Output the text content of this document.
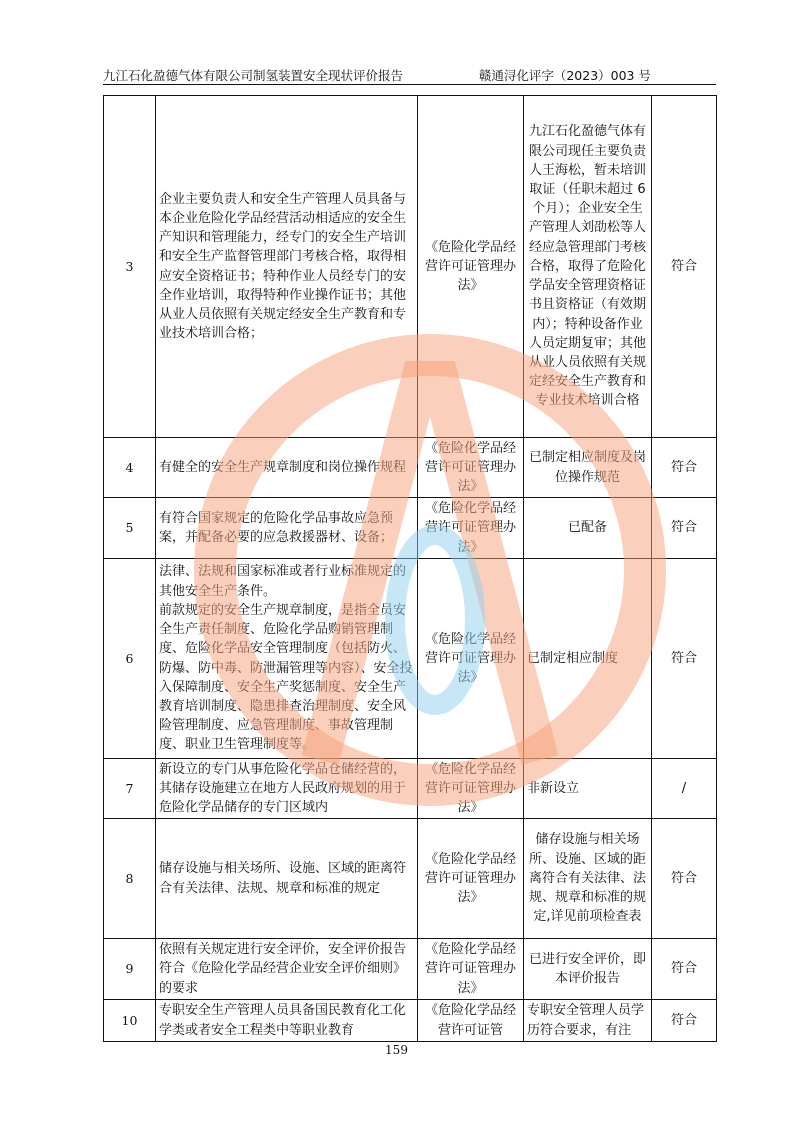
九江石化盈德气体有限公司制氢装置安全现状评价报告	赣通浔化评字（2023）003 号
3	企业主要负责人和安全生产管理人员具备与本企业危险化学品经营活动相适应的安全生产知识和管理能力，经专门的安全生产培训和安全生产监督管理部门考核合格，取得相应安全资格证书；特种作业人员经专门的安全作业培训，取得特种作业操作证书；其他从业人员依照有关规定经安全生产教育和专业技术培训合格；	《危险化学品经营许可证管理办法》	九江石化盈德气体有限公司现任主要负责人王海松，暂未培训取证（任职未超过 6 个月）；企业安全生产管理人刘劭松等人经应急管理部门考核合格，取得了危险化学品安全管理资格证书且资格证（有效期内）；特种设备作业人员定期复审；其他从业人员依照有关规定经安全生产教育和专业技术培训合格	符合
4	有健全的安全生产规章制度和岗位操作规程	《危险化学品经营许可证管理办法》	已制定相应制度及岗位操作规范	符合
5	有符合国家规定的危险化学品事故应急预案，并配备必要的应急救援器材、设备；	《危险化学品经营许可证管理办法》	已配备	符合
6	法律、法规和国家标准或者行业标准规定的其他安全生产条件。
前款规定的安全生产规章制度，是指全员安全生产责任制度、危险化学品购销管理制度、危险化学品安全管理制度（包括防火、防爆、防中毒、防泄漏管理等内容）、安全投入保障制度、安全生产奖惩制度、安全生产教育培训制度、隐患排查治理制度、安全风险管理制度、应急管理制度、事故管理制度、职业卫生管理制度等。	《危险化学品经营许可证管理办法》	已制定相应制度	符合
7	新设立的专门从事危险化学品仓储经营的，其储存设施建立在地方人民政府规划的用于危险化学品储存的专门区域内	《危险化学品经营许可证管理办法》	非新设立	/
8	储存设施与相关场所、设施、区域的距离符合有关法律、法规、规章和标准的规定	《危险化学品经营许可证管理办法》	储存设施与相关场所、设施、区域的距离符合有关法律、法规、规章和标准的规定,详见前项检查表	符合
9	依照有关规定进行安全评价，安全评价报告符合《危险化学品经营企业安全评价细则》的要求	《危险化学品经营许可证管理办法》	已进行安全评价，即本评价报告	符合
10	专职安全生产管理人员具备国民教育化工化学类或者安全工程类中等职业教育	《危险化学品经营许可证管	专职安全管理人员学历符合要求，有注	符合
159
